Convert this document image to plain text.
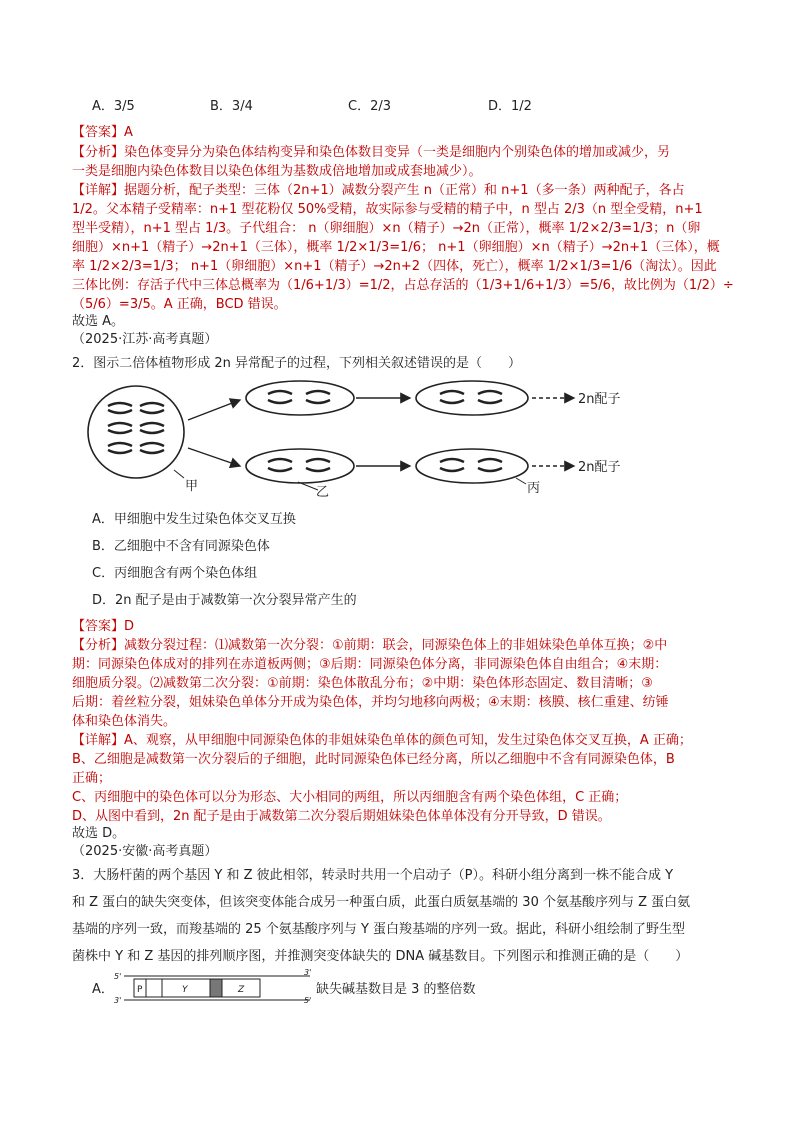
A．3/5	B．3/4	C．2/3	D．1/2
【答案】A
【分析】染色体变异分为染色体结构变异和染色体数目变异（一类是细胞内个别染色体的增加或减少，另
一类是细胞内染色体数目以染色体组为基数成倍地增加或成套地减少）。
【详解】据题分析，配子类型：三体（2n+1）减数分裂产生 n（正常）和 n+1（多一条）两种配子，各占
1/2。父本精子受精率：n+1 型花粉仅 50%受精，故实际参与受精的精子中，n 型占 2/3（n 型全受精，n+1
型半受精），n+1 型占 1/3。子代组合： n（卵细胞）×n（精子）→2n（正常），概率 1/2×2/3=1/3；n（卵
细胞）×n+1（精子）→2n+1（三体），概率 1/2×1/3=1/6； n+1（卵细胞）×n（精子）→2n+1（三体），概
率 1/2×2/3=1/3； n+1（卵细胞）×n+1（精子）→2n+2（四体，死亡），概率 1/2×1/3=1/6（淘汰）。因此
三体比例：存活子代中三体总概率为（1/6+1/3）=1/2，占总存活的（1/3+1/6+1/3）=5/6，故比例为（1/2）÷
（5/6）=3/5。A 正确，BCD 错误。
故选 A。
（2025·江苏·高考真题）
2．图示二倍体植物形成 2n 异常配子的过程，下列相关叙述错误的是（　　）
甲	乙	丙
2n配子
2n配子
A．甲细胞中发生过染色体交叉互换
B．乙细胞中不含有同源染色体
C．丙细胞含有两个染色体组
D．2n 配子是由于减数第一次分裂异常产生的
【答案】D
【分析】减数分裂过程：⑴减数第一次分裂：①前期：联会，同源染色体上的非姐妹染色单体互换；②中
期：同源染色体成对的排列在赤道板两侧；③后期：同源染色体分离，非同源染色体自由组合；④末期：
细胞质分裂。⑵减数第二次分裂：①前期：染色体散乱分布；②中期：染色体形态固定、数目清晰；③
后期：着丝粒分裂，姐妹染色单体分开成为染色体，并均匀地移向两极；④末期：核膜、核仁重建、纺锤
体和染色体消失。
【详解】A、观察，从甲细胞中同源染色体的非姐妹染色单体的颜色可知，发生过染色体交叉互换，A 正确；
B、乙细胞是减数第一次分裂后的子细胞，此时同源染色体已经分离，所以乙细胞中不含有同源染色体，B
正确；
C、丙细胞中的染色体可以分为形态、大小相同的两组，所以丙细胞含有两个染色体组，C 正确；
D、从图中看到，2n 配子是由于减数第二次分裂后期姐妹染色体单体没有分开导致，D 错误。
故选 D。
（2025·安徽·高考真题）
3．大肠杆菌的两个基因 Y 和 Z 彼此相邻，转录时共用一个启动子（P）。科研小组分离到一株不能合成 Y
和 Z 蛋白的缺失突变体，但该突变体能合成另一种蛋白质，此蛋白质氨基端的 30 个氨基酸序列与 Z 蛋白氨
基端的序列一致，而羧基端的 25 个氨基酸序列与 Y 蛋白羧基端的序列一致。据此，科研小组绘制了野生型
菌株中 Y 和 Z 基因的排列顺序图，并推测突变体缺失的 DNA 碱基数目。下列图示和推测正确的是（　　）
A．
5'	3'
3'	5'
P	Y	Z	缺失碱基数目是 3 的整倍数
